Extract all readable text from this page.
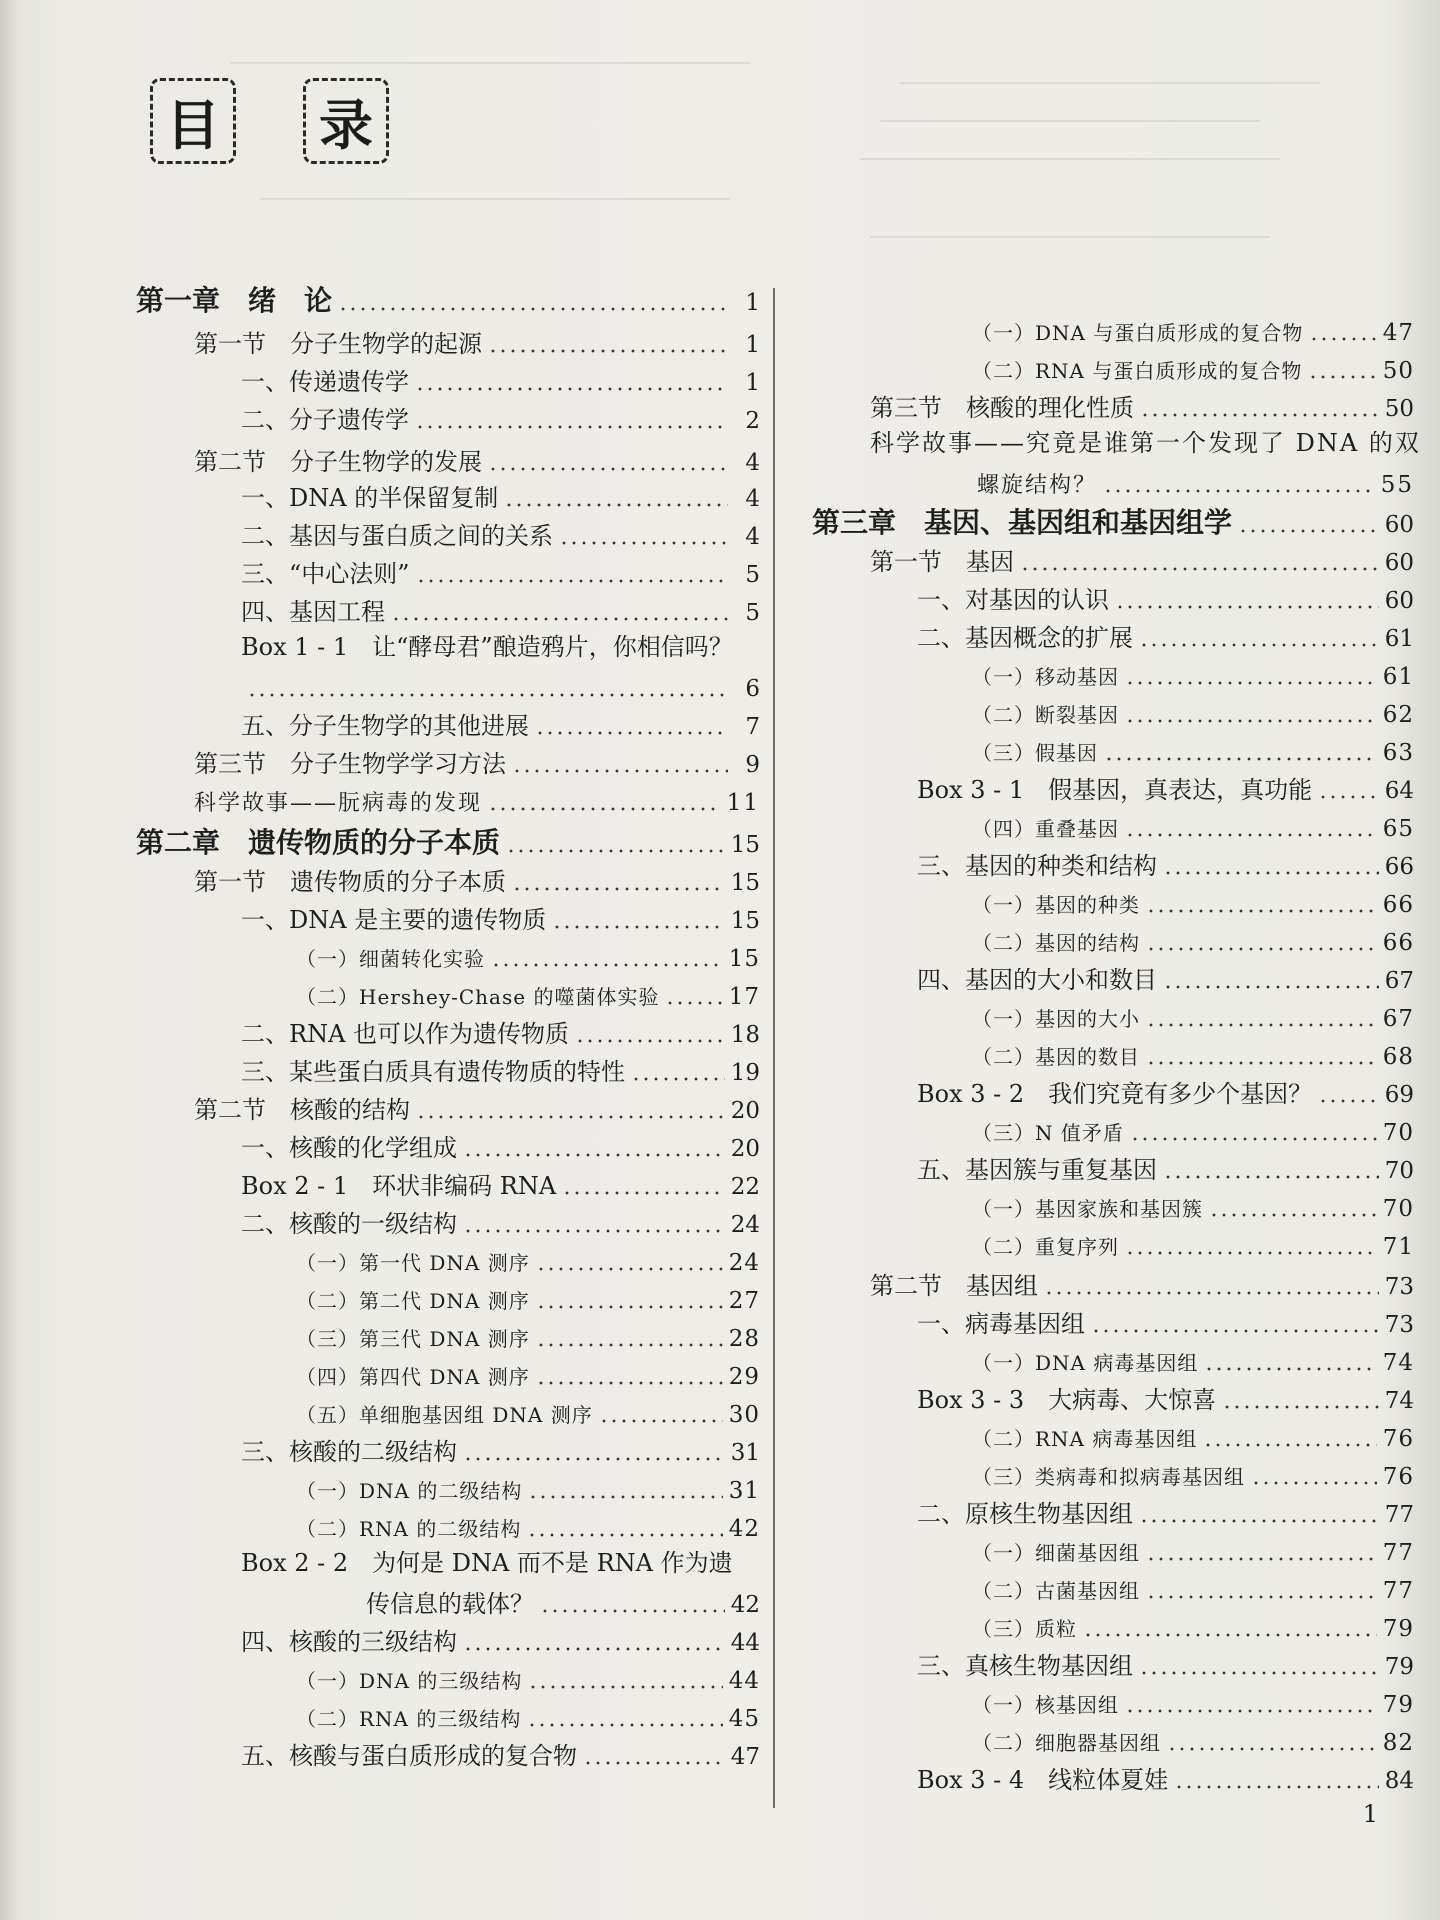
目 录
第一章　绪　论	1
第一节　分子生物学的起源	1
一、传递遗传学	1
二、分子遗传学	2
第二节　分子生物学的发展	4
一、DNA 的半保留复制	4
二、基因与蛋白质之间的关系	4
三、“中心法则”	5
四、基因工程	5
Box 1 - 1　让“酵母君”酿造鸦片，你相信吗？
6
五、分子生物学的其他进展	7
第三节　分子生物学学习方法	9
科学故事——朊病毒的发现	11
第二章　遗传物质的分子本质	15
第一节　遗传物质的分子本质	15
一、DNA 是主要的遗传物质	15
（一）细菌转化实验	15
（二）Hershey-Chase 的噬菌体实验	17
二、RNA 也可以作为遗传物质	18
三、某些蛋白质具有遗传物质的特性	19
第二节　核酸的结构	20
一、核酸的化学组成	20
Box 2 - 1　环状非编码 RNA	22
二、核酸的一级结构	24
（一）第一代 DNA 测序	24
（二）第二代 DNA 测序	27
（三）第三代 DNA 测序	28
（四）第四代 DNA 测序	29
（五）单细胞基因组 DNA 测序	30
三、核酸的二级结构	31
（一）DNA 的二级结构	31
（二）RNA 的二级结构	42
Box 2 - 2　为何是 DNA 而不是 RNA 作为遗
传信息的载体？	42
四、核酸的三级结构	44
（一）DNA 的三级结构	44
（二）RNA 的三级结构	45
五、核酸与蛋白质形成的复合物	47
（一）DNA 与蛋白质形成的复合物	47
（二）RNA 与蛋白质形成的复合物	50
第三节　核酸的理化性质	50
科学故事——究竟是谁第一个发现了 DNA 的双
螺旋结构？	55
第三章　基因、基因组和基因组学	60
第一节　基因	60
一、对基因的认识	60
二、基因概念的扩展	61
（一）移动基因	61
（二）断裂基因	62
（三）假基因	63
Box 3 - 1　假基因，真表达，真功能	64
（四）重叠基因	65
三、基因的种类和结构	66
（一）基因的种类	66
（二）基因的结构	66
四、基因的大小和数目	67
（一）基因的大小	67
（二）基因的数目	68
Box 3 - 2　我们究竟有多少个基因？	69
（三）N 值矛盾	70
五、基因簇与重复基因	70
（一）基因家族和基因簇	70
（二）重复序列	71
第二节　基因组	73
一、病毒基因组	73
（一）DNA 病毒基因组	74
Box 3 - 3　大病毒、大惊喜	74
（二）RNA 病毒基因组	76
（三）类病毒和拟病毒基因组	76
二、原核生物基因组	77
（一）细菌基因组	77
（二）古菌基因组	77
（三）质粒	79
三、真核生物基因组	79
（一）核基因组	79
（二）细胞器基因组	82
Box 3 - 4　线粒体夏娃	84
1
